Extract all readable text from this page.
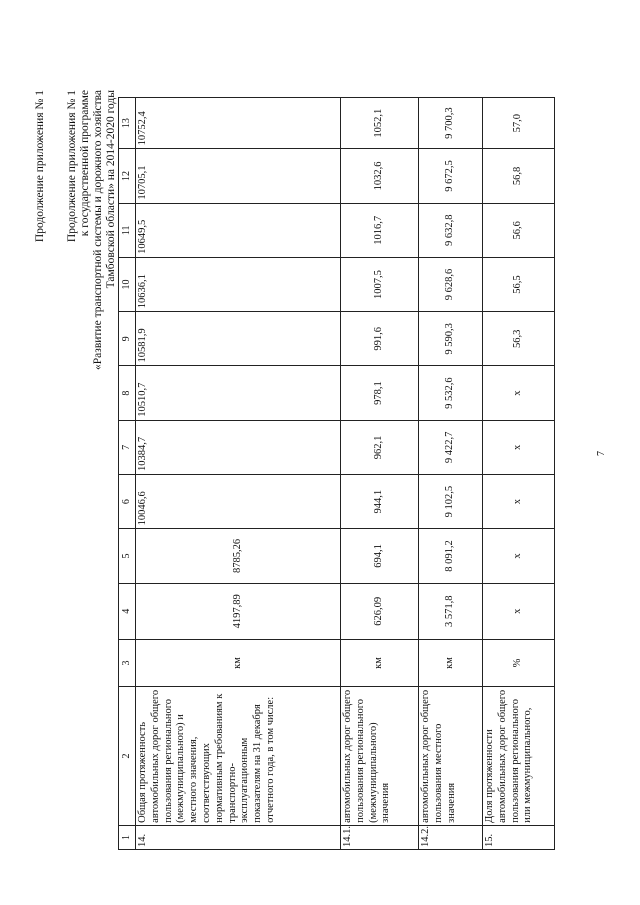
7
Продолжение приложения № 1 Продолжение приложения № 1 к государственной программе «Развитие транспортной системы и дорожного хозяйства Тамбовской области» на 2014-2020 годы
1	2	3	4	5	6	7	8	9	10	11	12	13
14.	Общая протяженность автомобильных дорог общего пользования регионального (межмуниципального) и местного значения, соответствующих нормативным требованиям к транспортно-эксплуатационным показателям на 31 декабря отчетного года, в том числе:	км	4197,89	8785,26	10046,6	10384,7	10510,7	10581,9	10636,1	10649,5	10705,1	10752,4
14.1.	автомобильных дорог общего пользования регионального (межмуниципального) значения	км	626,09	694,1	944,1	962,1	978,1	991,6	1007,5	1016,7	1032,6	1052,1
14.2.	автомобильных дорог общего пользования местного значения	км	3 571,8	8 091,2	9 102,5	9 422,7	9 532,6	9 590,3	9 628,6	9 632,8	9 672,5	9 700,3
15.	Доля протяженности автомобильных дорог общего пользования регионального или межмуниципального,	%	x	x	x	x	x	56,3	56,5	56,6	56,8	57,0
